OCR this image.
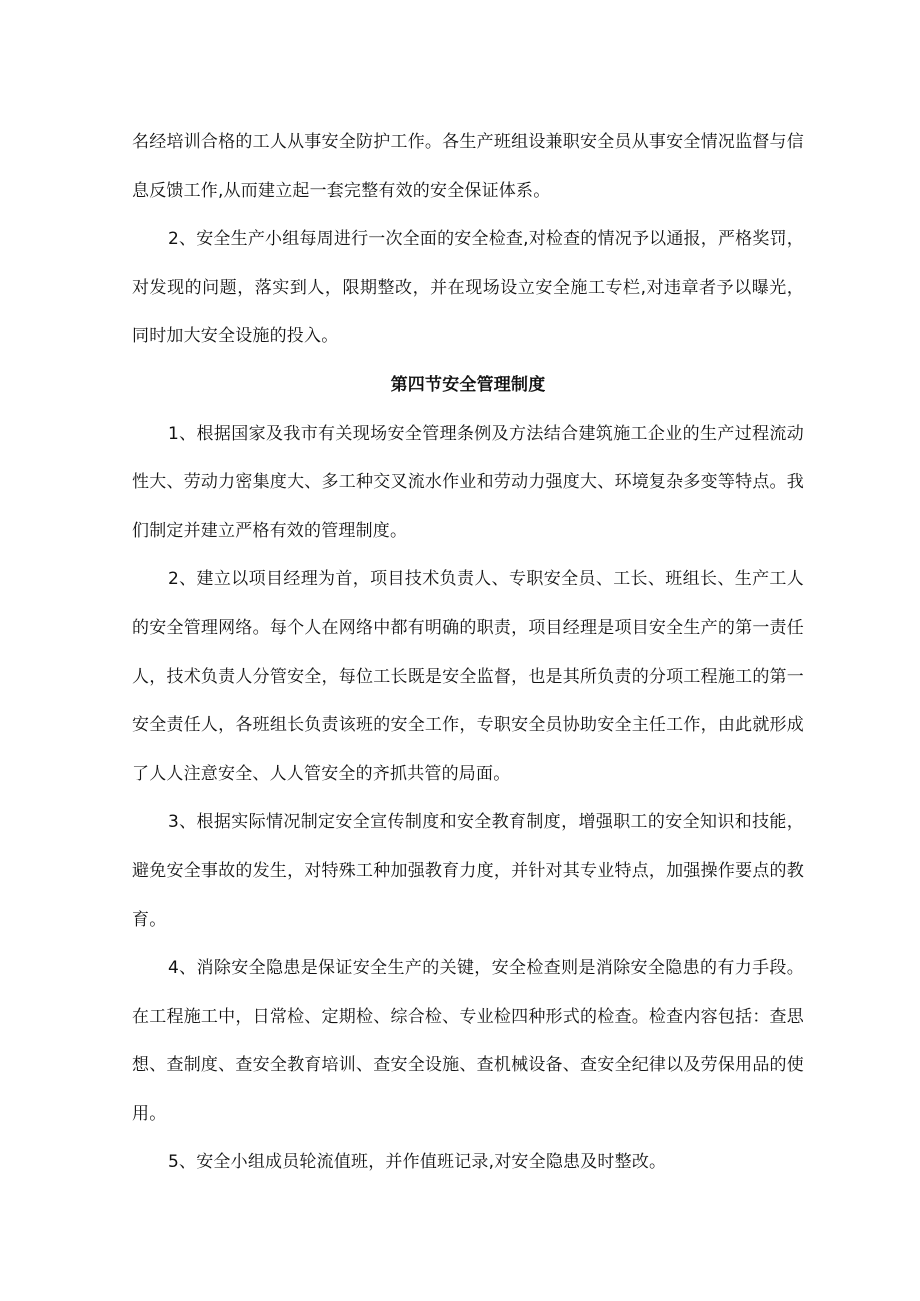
名经培训合格的工人从事安全防护工作。各生产班组设兼职安全员从事安全情况监督与信息反馈工作,从而建立起一套完整有效的安全保证体系。

2、安全生产小组每周进行一次全面的安全检查,对检查的情况予以通报，严格奖罚，对发现的问题，落实到人，限期整改，并在现场设立安全施工专栏,对违章者予以曝光，同时加大安全设施的投入。

第四节安全管理制度

1、根据国家及我市有关现场安全管理条例及方法结合建筑施工企业的生产过程流动性大、劳动力密集度大、多工种交叉流水作业和劳动力强度大、环境复杂多变等特点。我们制定并建立严格有效的管理制度。

2、建立以项目经理为首，项目技术负责人、专职安全员、工长、班组长、生产工人的安全管理网络。每个人在网络中都有明确的职责，项目经理是项目安全生产的第一责任人，技术负责人分管安全，每位工长既是安全监督，也是其所负责的分项工程施工的第一安全责任人，各班组长负责该班的安全工作，专职安全员协助安全主任工作，由此就形成了人人注意安全、人人管安全的齐抓共管的局面。

3、根据实际情况制定安全宣传制度和安全教育制度，增强职工的安全知识和技能，避免安全事故的发生，对特殊工种加强教育力度，并针对其专业特点，加强操作要点的教育。

4、消除安全隐患是保证安全生产的关键，安全检查则是消除安全隐患的有力手段。在工程施工中，日常检、定期检、综合检、专业检四种形式的检查。检查内容包括：查思想、查制度、查安全教育培训、查安全设施、查机械设备、查安全纪律以及劳保用品的使用。

5、安全小组成员轮流值班，并作值班记录,对安全隐患及时整改。
